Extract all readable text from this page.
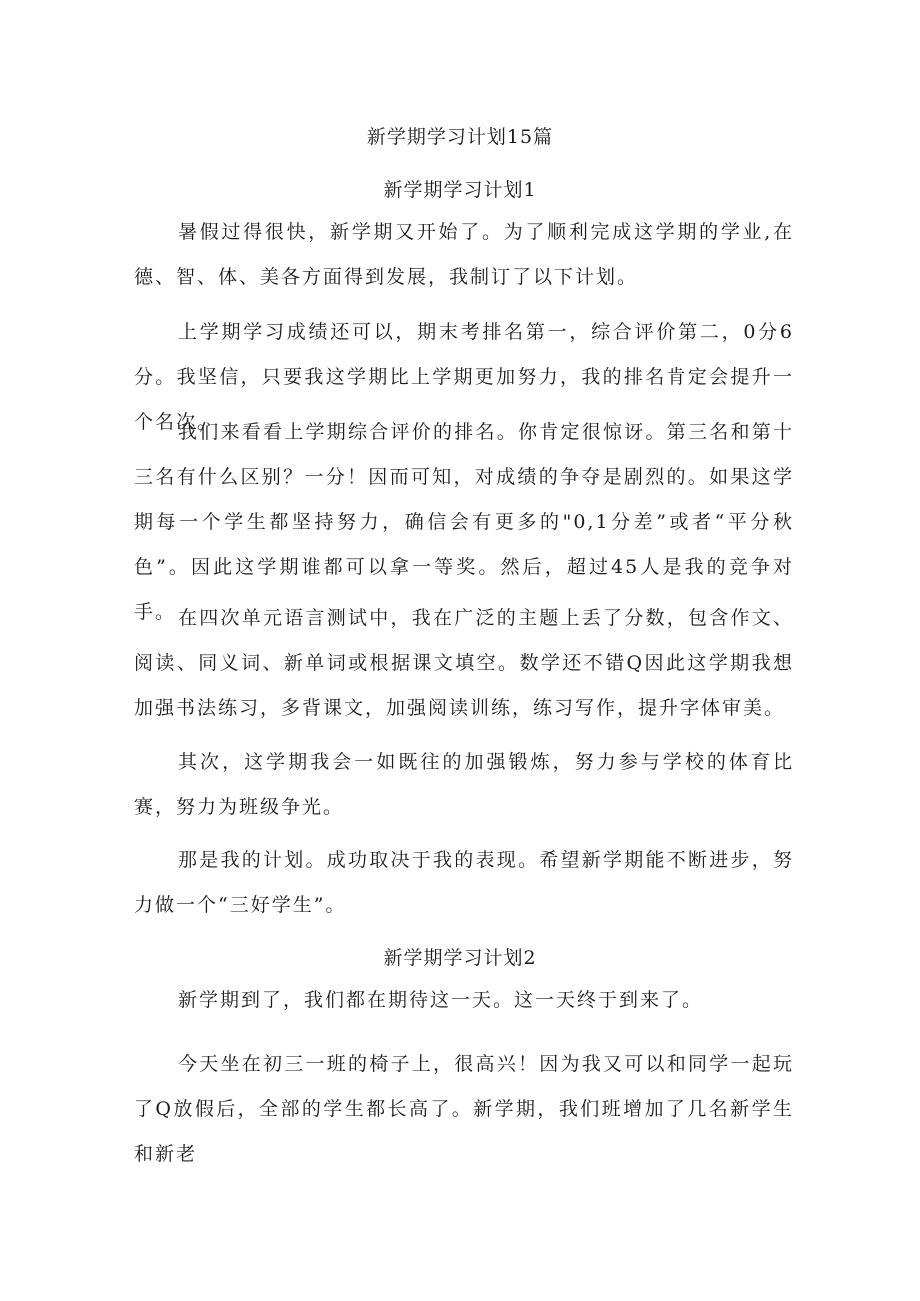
新学期学习计划15篇
新学期学习计划1

暑假过得很快，新学期又开始了。为了顺利完成这学期的学业,在德、智、体、美各方面得到发展，我制订了以下计划。

上学期学习成绩还可以，期末考排名第一，综合评价第二，0分6分。我坚信，只要我这学期比上学期更加努力，我的排名肯定会提升一个名次。

我们来看看上学期综合评价的排名。你肯定很惊讶。第三名和第十三名有什么区别？一分！因而可知，对成绩的争夺是剧烈的。如果这学期每一个学生都坚持努力，确信会有更多的"0,1分差”或者“平分秋色”。因此这学期谁都可以拿一等奖。然后，超过45人是我的竞争对手。 在四次单元语言测试中，我在广泛的主题上丢了分数，包含作文、阅读、同义词、新单词或根据课文填空。数学还不错Q因此这学期我想加强书法练习，多背课文，加强阅读训练，练习写作，提升字体审美。

其次，这学期我会一如既往的加强锻炼，努力参与学校的体育比赛，努力为班级争光。

那是我的计划。成功取决于我的表现。希望新学期能不断进步，努力做一个“三好学生”。

新学期学习计划2

新学期到了，我们都在期待这一天。这一天终于到来了。

今天坐在初三一班的椅子上，很高兴！因为我又可以和同学一起玩了Q放假后，全部的学生都长高了。新学期，我们班增加了几名新学生和新老
